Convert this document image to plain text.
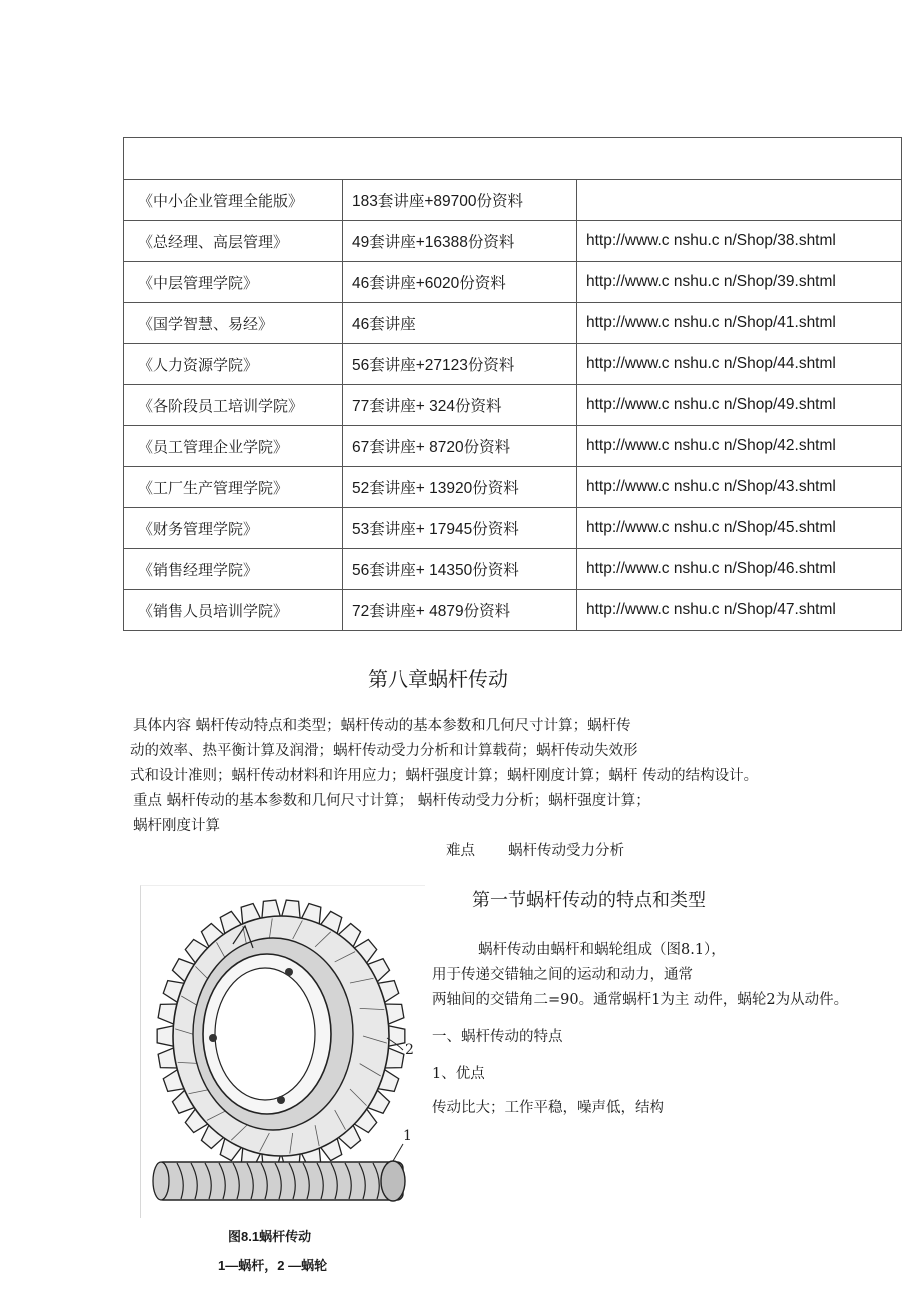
《中小企业管理全能版》	183套讲座+89700份资料	
《总经理、高层管理》	49套讲座+16388份资料	http://www.c nshu.c n/Shop/38.shtml
《中层管理学院》	46套讲座+6020份资料	http://www.c nshu.c n/Shop/39.shtml
《国学智慧、易经》	46套讲座	http://www.c nshu.c n/Shop/41.shtml
《人力资源学院》	56套讲座+27123份资料	http://www.c nshu.c n/Shop/44.shtml
《各阶段员工培训学院》	77套讲座+ 324份资料	http://www.c nshu.c n/Shop/49.shtml
《员工管理企业学院》	67套讲座+ 8720份资料	http://www.c nshu.c n/Shop/42.shtml
《工厂生产管理学院》	52套讲座+ 13920份资料	http://www.c nshu.c n/Shop/43.shtml
《财务管理学院》	53套讲座+ 17945份资料	http://www.c nshu.c n/Shop/45.shtml
《销售经理学院》	56套讲座+ 14350份资料	http://www.c nshu.c n/Shop/46.shtml
《销售人员培训学院》	72套讲座+ 4879份资料	http://www.c nshu.c n/Shop/47.shtml
第八章蜗杆传动

具体内容 蜗杆传动特点和类型；蜗杆传动的基本参数和几何尺寸计算；蜗杆传

动的效率、热平衡计算及润滑；蜗杆传动受力分析和计算载荷；蜗杆传动失效形

式和设计准则；蜗杆传动材料和许用应力；蜗杆强度计算；蜗杆刚度计算；蜗杆 传动的结构设计。

重点 蜗杆传动的基本参数和几何尺寸计算； 蜗杆传动受力分析；蜗杆强度计算；

蜗杆刚度计算

难点 蜗杆传动受力分析

2
1
图8.1蜗杆传动
1—蜗杆，2 —蜗轮
第一节蜗杆传动的特点和类型

蜗杆传动由蜗杆和蜗轮组成（图8.1），

用于传递交错轴之间的运动和动力，通常

两轴间的交错角二=90。通常蜗杆1为主 动件，蜗轮2为从动件。

一、蜗杆传动的特点

1、优点

传动比大；工作平稳，噪声低，结构
